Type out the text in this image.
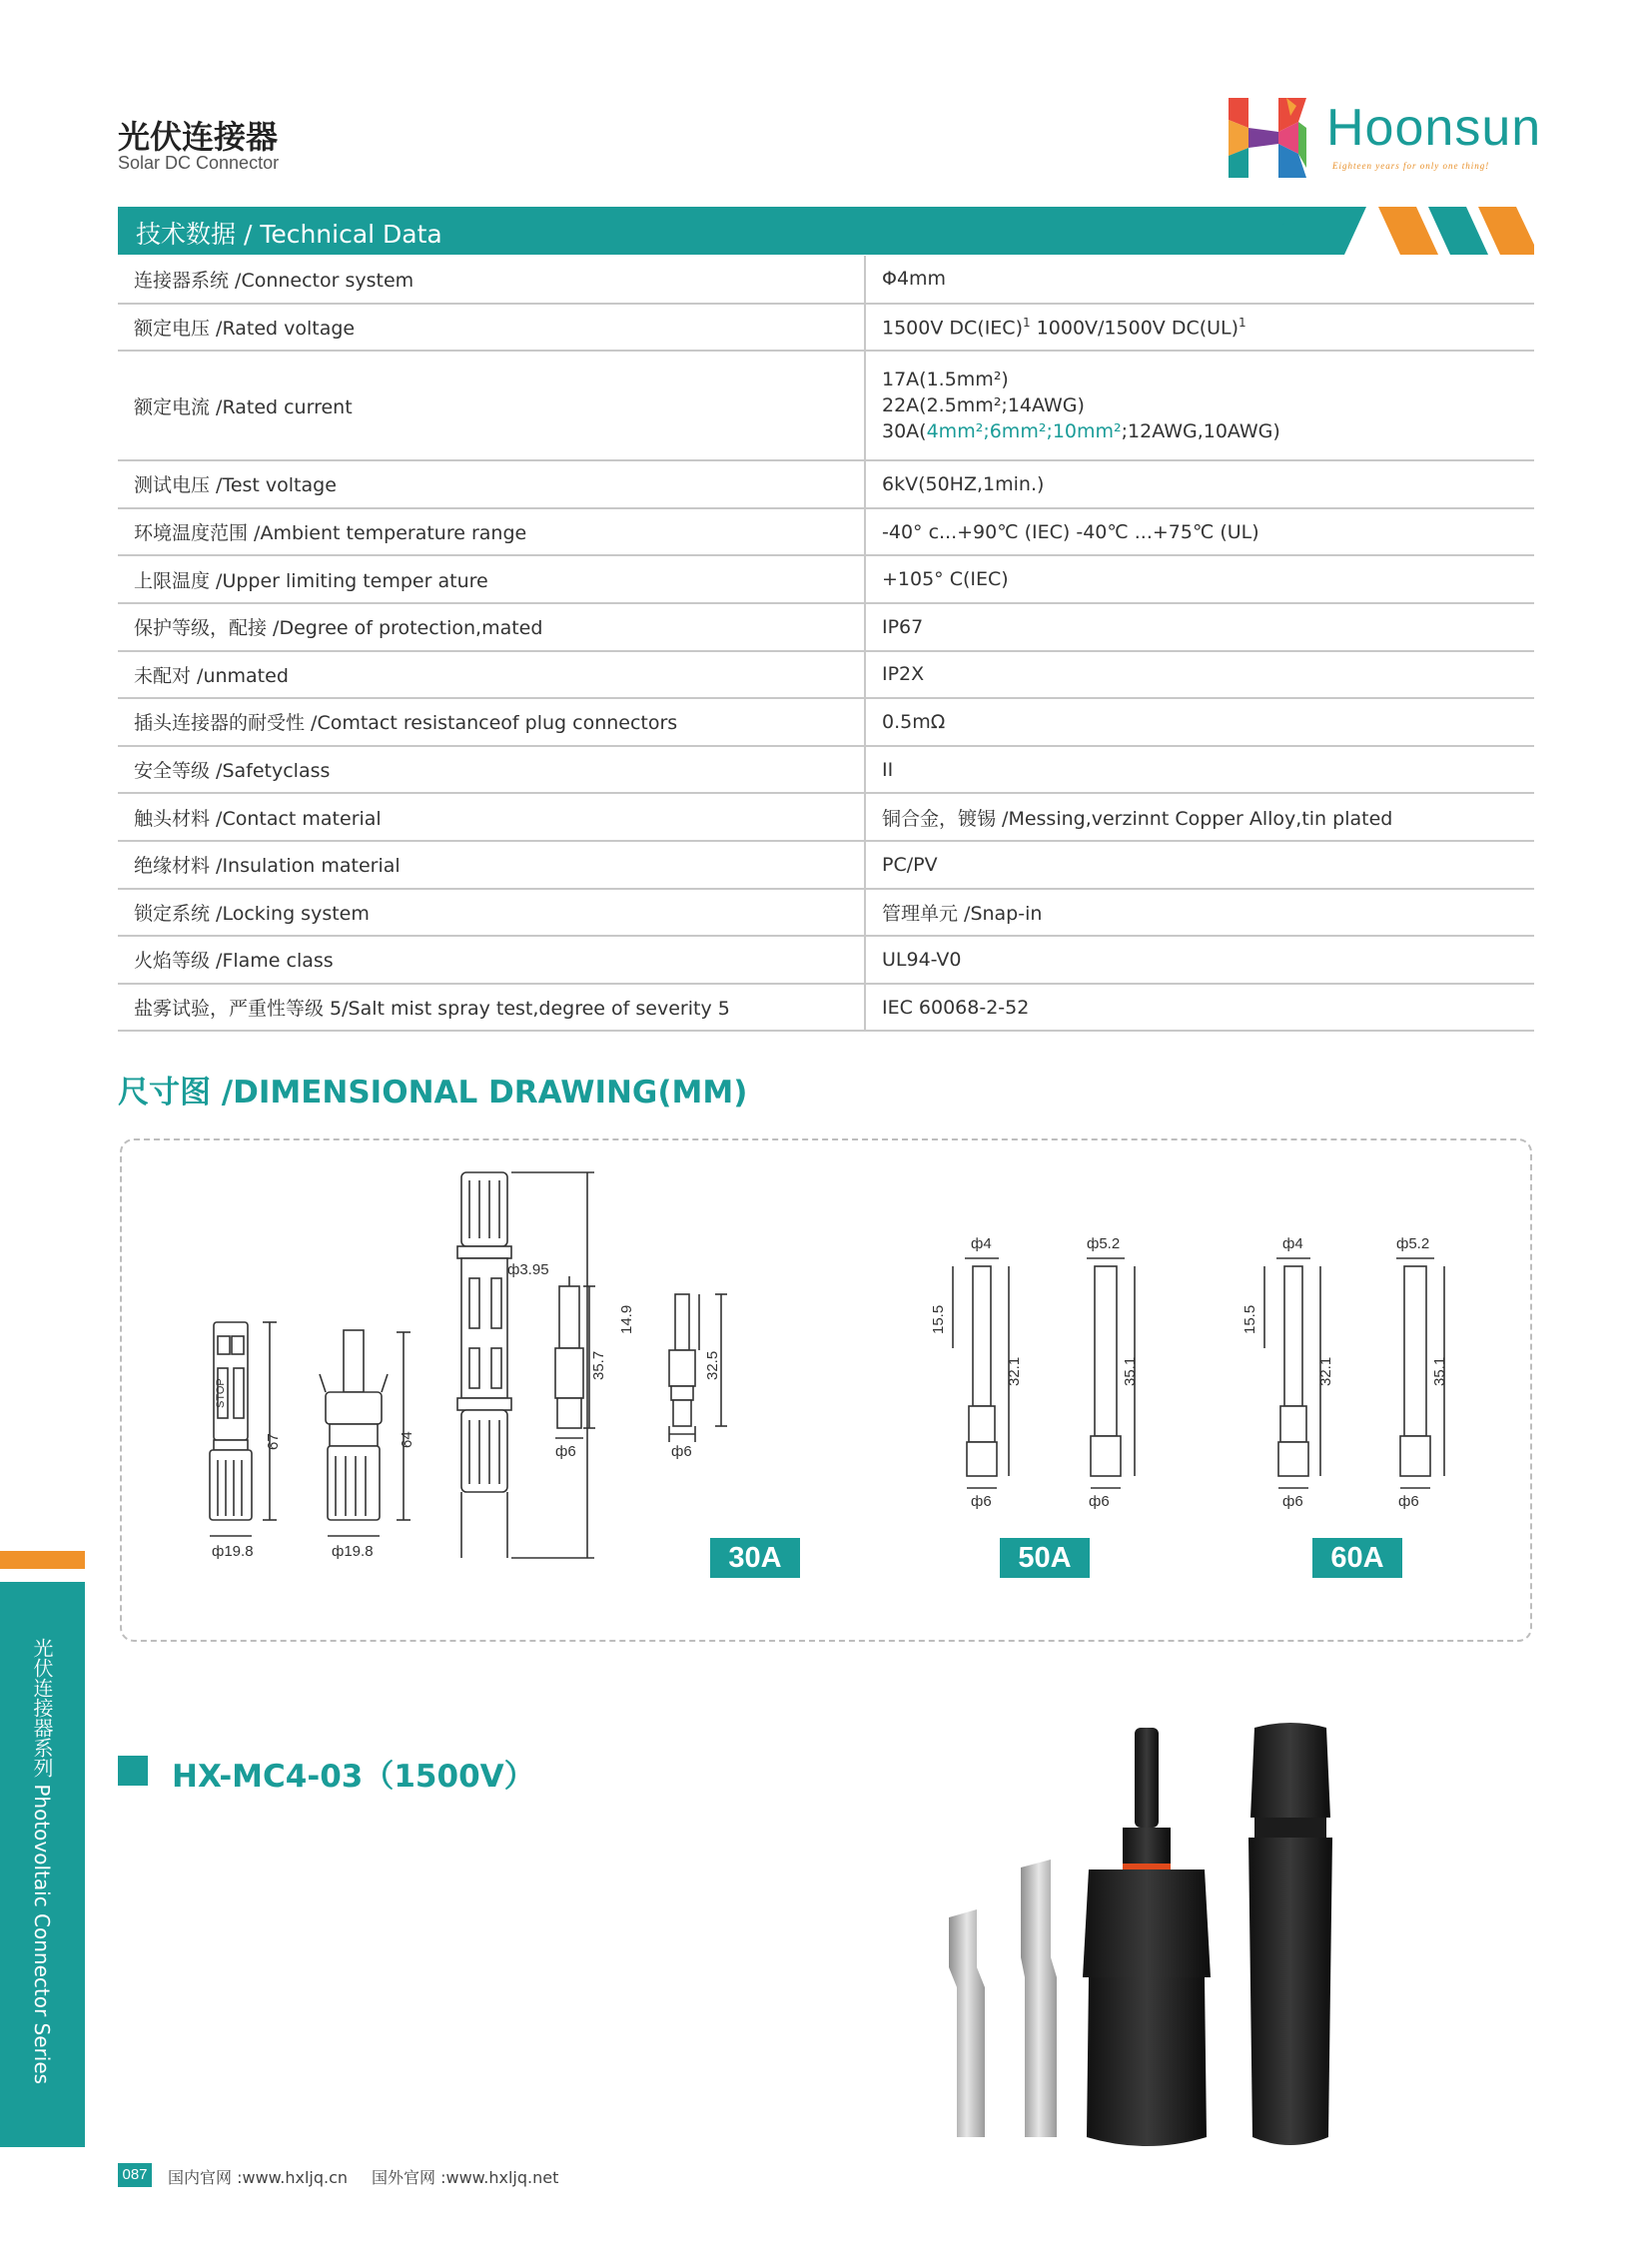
光伏连接器
Solar DC Connector
Hoonsun
Eighteen years for only one thing!
技术数据 / Technical Data	CE
连接器系统 /Connector system	Φ4mm
额定电压 /Rated voltage	1500V DC(IEC)$^1$ 1000V/1500V DC(UL)$^1$
额定电流 /Rated current	17A(1.5mm²)
22A(2.5mm²;14AWG)
30A(4mm²;6mm²;10mm²;12AWG,10AWG)

测试电压 /Test voltage	6kV(50HZ,1min.)
环境温度范围 /Ambient temperature range	-40° c...+90℃ (IEC) -40℃ ...+75℃ (UL)
上限温度 /Upper limiting temper ature	+105° C(IEC)
保护等级，配接 /Degree of protection,mated	IP67
未配对 /unmated	IP2X
插头连接器的耐受性 /Comtact resistanceof plug connectors	0.5mΩ
安全等级 /Safetyclass	II
触头材料 /Contact material	铜合金，镀锡 /Messing,verzinnt Copper Alloy,tin plated
绝缘材料 /Insulation material	PC/PV
锁定系统 /Locking system	管理单元 /Snap-in
火焰等级 /Flame class	UL94-V0
盐雾试验，严重性等级 5/Salt mist spray test,degree of severity 5	IEC 60068-2-52
尺寸图 /DIMENSIONAL DRAWING(MM)
67
STOP
ф19.8
64
ф19.8
ф3.95
14.9
32.5
35.7
ф6
ф6
ф4	ф5.2
15.5
32.1	35.1
ф6	ф6
ф4	ф5.2
15.5
32.1	35.1
ф6	ф6
30A	50A	60A
光伏连接器系列 Photovoltaic Connector Series	HX-MC4-03（1500V）
087 国内官网 :www.hxljq.cn 国外官网 :www.hxljq.net
